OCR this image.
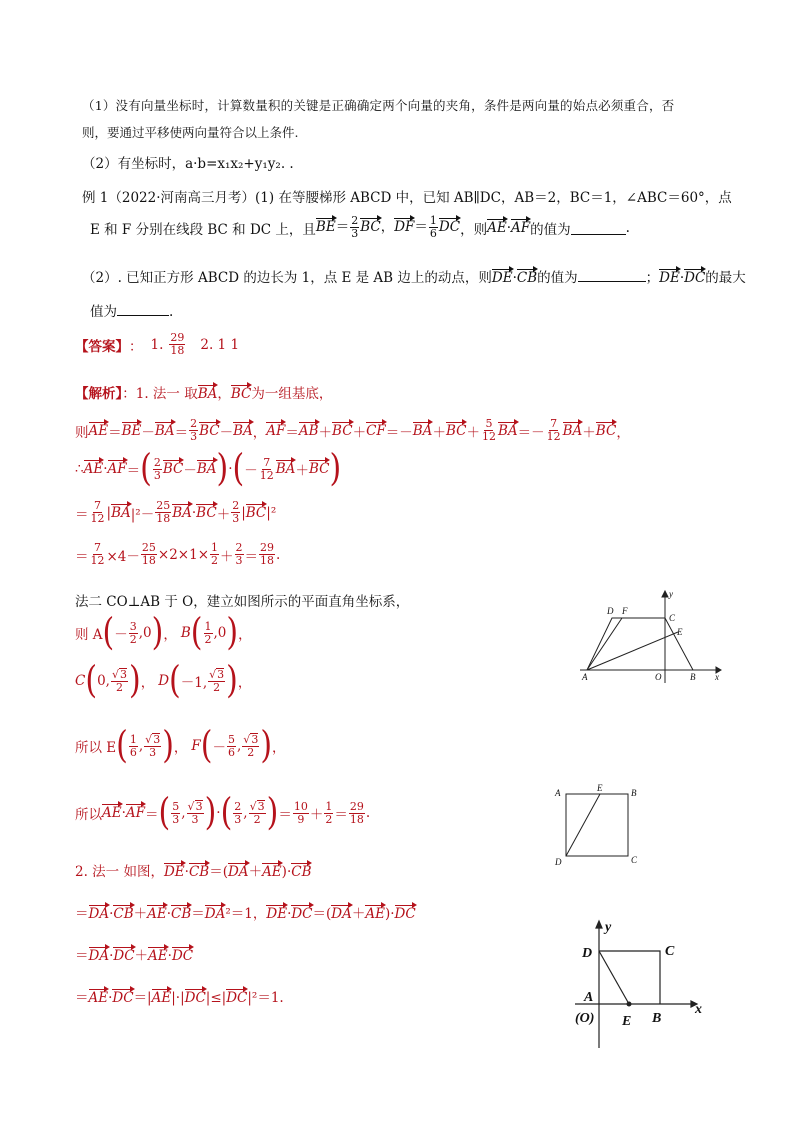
（1）没有向量坐标时，计算数量积的关键是正确确定两个向量的夹角，条件是两向量的始点必须重合，否
则，要通过平移使两向量符合以上条件.
（2）有坐标时，a·b=x₁x₂+y₁y₂. .
例 1（2022·河南高三月考）(1) 在等腰梯形 ABCD 中，已知 AB∥DC，AB＝2，BC＝1，∠ABC＝60°，点
E 和 F 分别在线段 BC 和 DC 上，且 $BE= \frac{2}{3}$ BC，$DF= \frac{1}{6}$ DC ，则 AE·AF 的值为	.
（2）. 已知正方形 ABCD 的边长为 1，点 E 是 AB 边上的动点，则DE·CB的值为	；DE·DC的最大
值为	.
【答案】 ： 1. $\frac{29}{18} 2$. 1 1
【解析】：1. 法一 取BA，BC为一组基底，
则 AE ＝ BE － BA ＝ $\frac{2}{3}$ BC － BA ， AF ＝ AB ＋ BC ＋ CF ＝－ BA ＋ BC ＋ $\frac{5}{12}$ BA ＝－ $\frac{7}{12}$ BA ＋ BC ，
∴ AE · AF ＝ ( $\frac{2}{3}$ BC － BA ) · ( － $\frac{7}{12}$ BA ＋ BC )
＝ $\frac{7}{12}$ | BA $|^2- \frac{25}{18}$ BA · BC ＋ $\frac{2}{3}$ | BC |²
＝ $\frac{7}{12} \times 4- \frac{25}{18} \times 2\times 1\times \frac{1}{2} + \frac{2}{3} = \frac{29}{18}$ .
法二 CO⊥AB 于 O，建立如图所示的平面直角坐标系，
则 A ( － $\frac{3}{2} ,0$ ) ， B ( $\frac{1}{2} ,0$ ) ，
C ( 0, $\frac{√3}{2}$ ) ， D ( －1, $\frac{√3}{2}$ ) ，
所以 E ( $\frac{1}{6}$ , $\frac{√3}{3}$ ) ， F ( － $\frac{5}{6}$ , $\frac{√3}{2}$ ) ，
所以 AE · AF ＝ ( $\frac{5}{3}$ , $\frac{√3}{3}$ ) · ( $\frac{2}{3}$ , $\frac{√3}{2}$ ) ＝ $\frac{10}{9} + \frac{1}{2} = \frac{29}{18}$ .
2. 法一 如图，DE·CB＝(DA＋AE)·CB
＝DA·CB＋AE·CB＝DA²＝1，DE·DC＝(DA＋AE)·DC
＝DA·DC＋AE·DC
＝AE·DC＝|AE|·|DC|≤|DC|²＝1.
D F
C
E
A	O	B x
y
A	E	B
D	C
y
D	C
A
(O) E B
x
